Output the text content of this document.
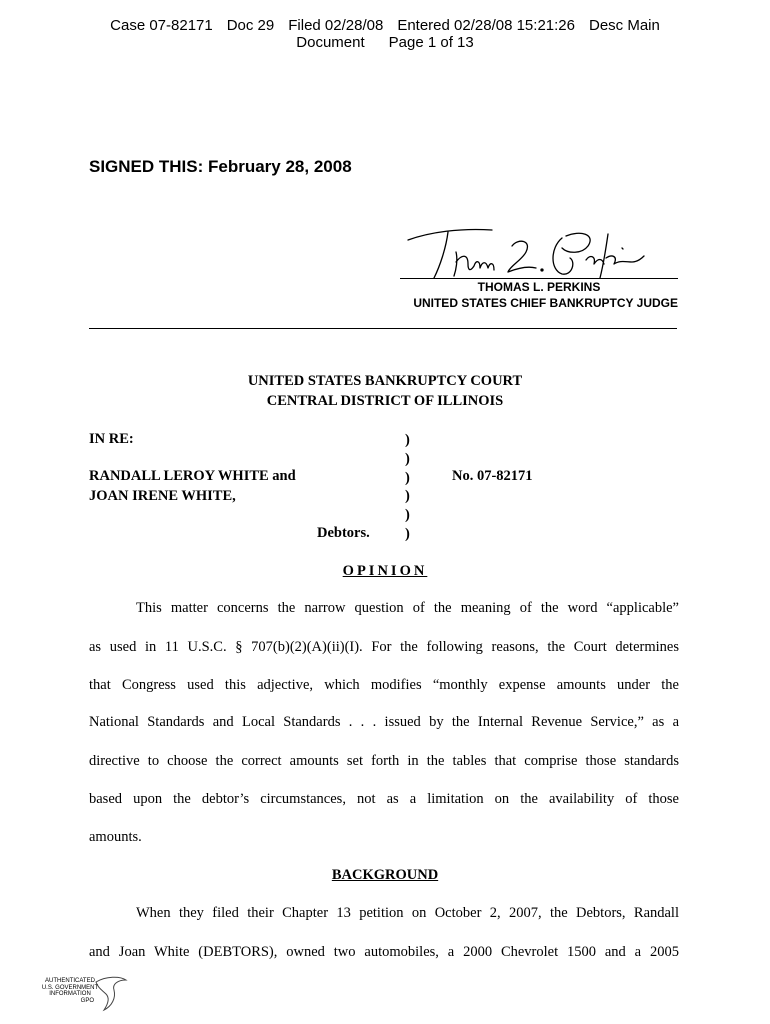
Case 07-82171 Doc 29 Filed 02/28/08 Entered 02/28/08 15:21:26 Desc Main
Document Page 1 of 13
SIGNED THIS: February 28, 2008
THOMAS L. PERKINS
UNITED STATES CHIEF BANKRUPTCY JUDGE
UNITED STATES BANKRUPTCY COURT
CENTRAL DISTRICT OF ILLINOIS
IN RE:
RANDALL LEROY WHITE and
JOAN IRENE WHITE,
Debtors.
No. 07-82171
)
)
)
)
)
)
OPINION
This matter concerns the narrow question of the meaning of the word “applicable”
as used in 11 U.S.C. § 707(b)(2)(A)(ii)(I). For the following reasons, the Court determines
that Congress used this adjective, which modifies “monthly expense amounts under the
National Standards and Local Standards . . . issued by the Internal Revenue Service,” as a
directive to choose the correct amounts set forth in the tables that comprise those standards
based upon the debtor’s circumstances, not as a limitation on the availability of those
amounts.
BACKGROUND
When they filed their Chapter 13 petition on October 2, 2007, the Debtors, Randall
and Joan White (DEBTORS), owned two automobiles, a 2000 Chevrolet 1500 and a 2005
AUTHENTICATED
U.S. GOVERNMENT
INFORMATION
GPO
